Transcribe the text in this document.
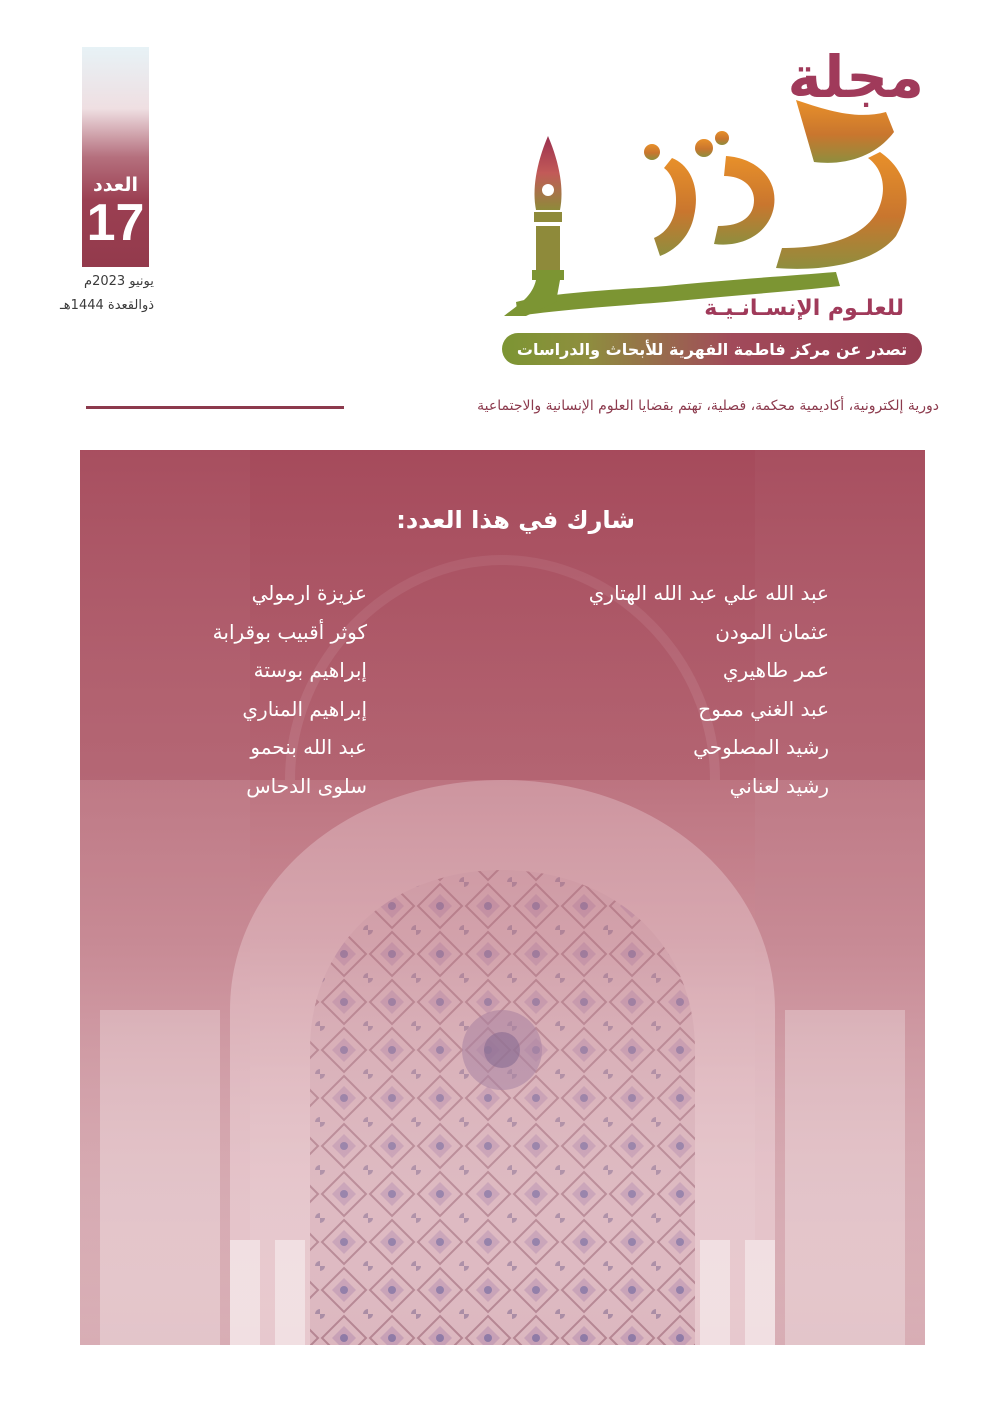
العدد
17
يونيو 2023م
ذوالقعدة 1444هـ
مجلة
للعلـوم الإنسـانـيـة
تصدر عن مركز فاطمة الفهرية للأبحاث والدراسات
دورية إلكترونية، أكاديمية محكمة، فصلية، تهتم بقضايا العلوم الإنسانية والاجتماعية
شارك في هذا العدد:
عبد الله علي عبد الله الهتاري
عثمان المودن
عمر طاهيري
عبد الغني مموح
رشيد المصلوحي
رشيد لعناني
عزيزة ارمولي
كوثر أقبيب بوقرابة
إبراهيم بوستة
إبراهيم المناري
عبد الله بنحمو
سلوى الدحاس
